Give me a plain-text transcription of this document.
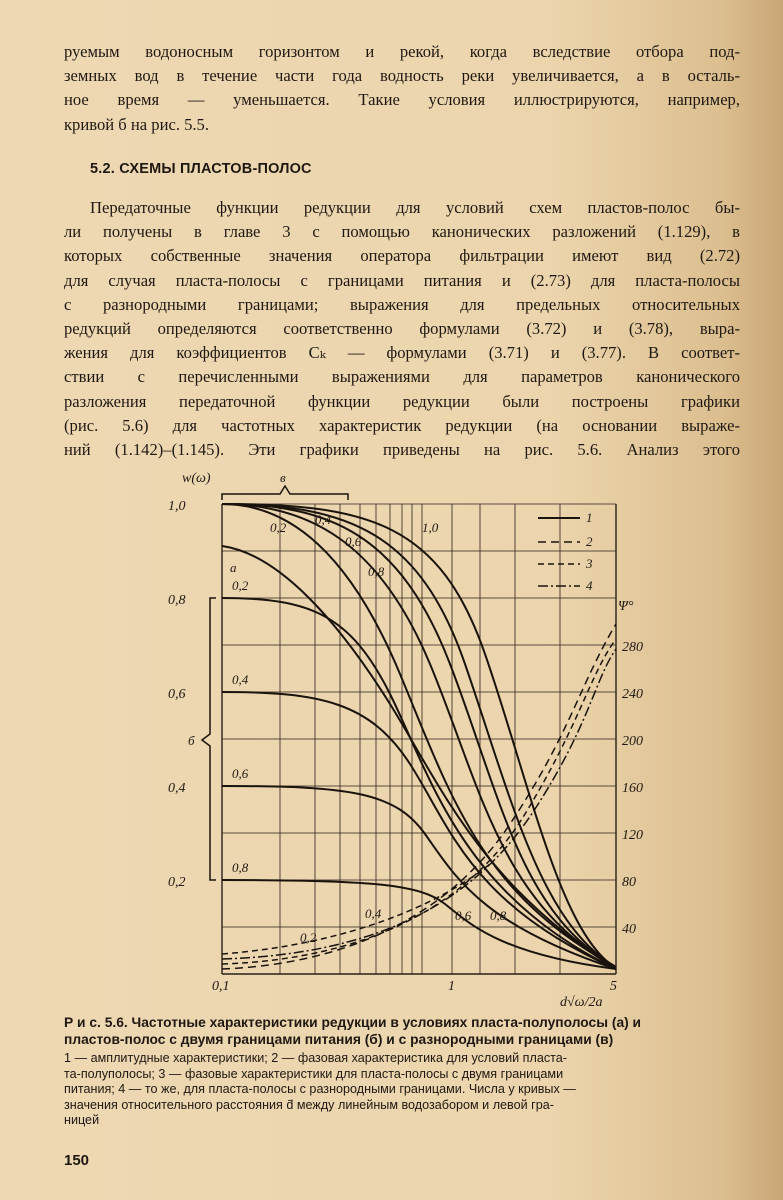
руемым водоносным горизонтом и рекой, когда вследствие отбора под-
земных вод в течение части года водность реки увеличивается, а в осталь-
ное время — уменьшается. Такие условия иллюстрируются, например,
кривой б на рис. 5.5.

5.2. СХЕМЫ ПЛАСТОВ-ПОЛОС

Передаточные функции редукции для условий схем пластов-полос бы-
ли получены в главе 3 с помощью канонических разложений (1.129), в
которых собственные значения оператора фильтрации имеют вид (2.72)
для случая пласта-полосы с границами питания и (2.73) для пласта-полосы
с разнородными границами; выражения для предельных относительных
редукций определяются соответственно формулами (3.72) и (3.78), выра-
жения для коэффициентов Cₖ — формулами (3.71) и (3.77). В соответ-
ствии с перечисленными выражениями для параметров канонического
разложения передаточной функции редукции были построены графики
(рис. 5.6) для частотных характеристик редукции (на основании выраже-
ний (1.142)–(1.145). Эти графики приведены на рис. 5.6. Анализ этого

w(ω)
Ψ°
d√ω/2a
0,2
0,4
0,6
0,8
1,0
40
80
120
160
200
240
280
0,1	1	5
в
б
а
0,2
0,4
0,6
0,8
1,0
0,2
0,4
0,6
0,8
0,2
0,4	0,6 0,8
1
2
3
4

Р и с. 5.6. Частотные характеристики редукции в условиях пласта-полуполосы (а) и
пластов-полос с двумя границами питания (б) и с разнородными границами (в)

1 — амплитудные характеристики; 2 — фазовая характеристика для условий пласта-
та-полуполосы; 3 — фазовые характеристики для пласта-полосы с двумя границами
питания; 4 — то же, для пласта-полосы с разнородными границами. Числа у кривых —
значения относительного расстояния d̄ между линейным водозабором и левой гра-
ницей

150
